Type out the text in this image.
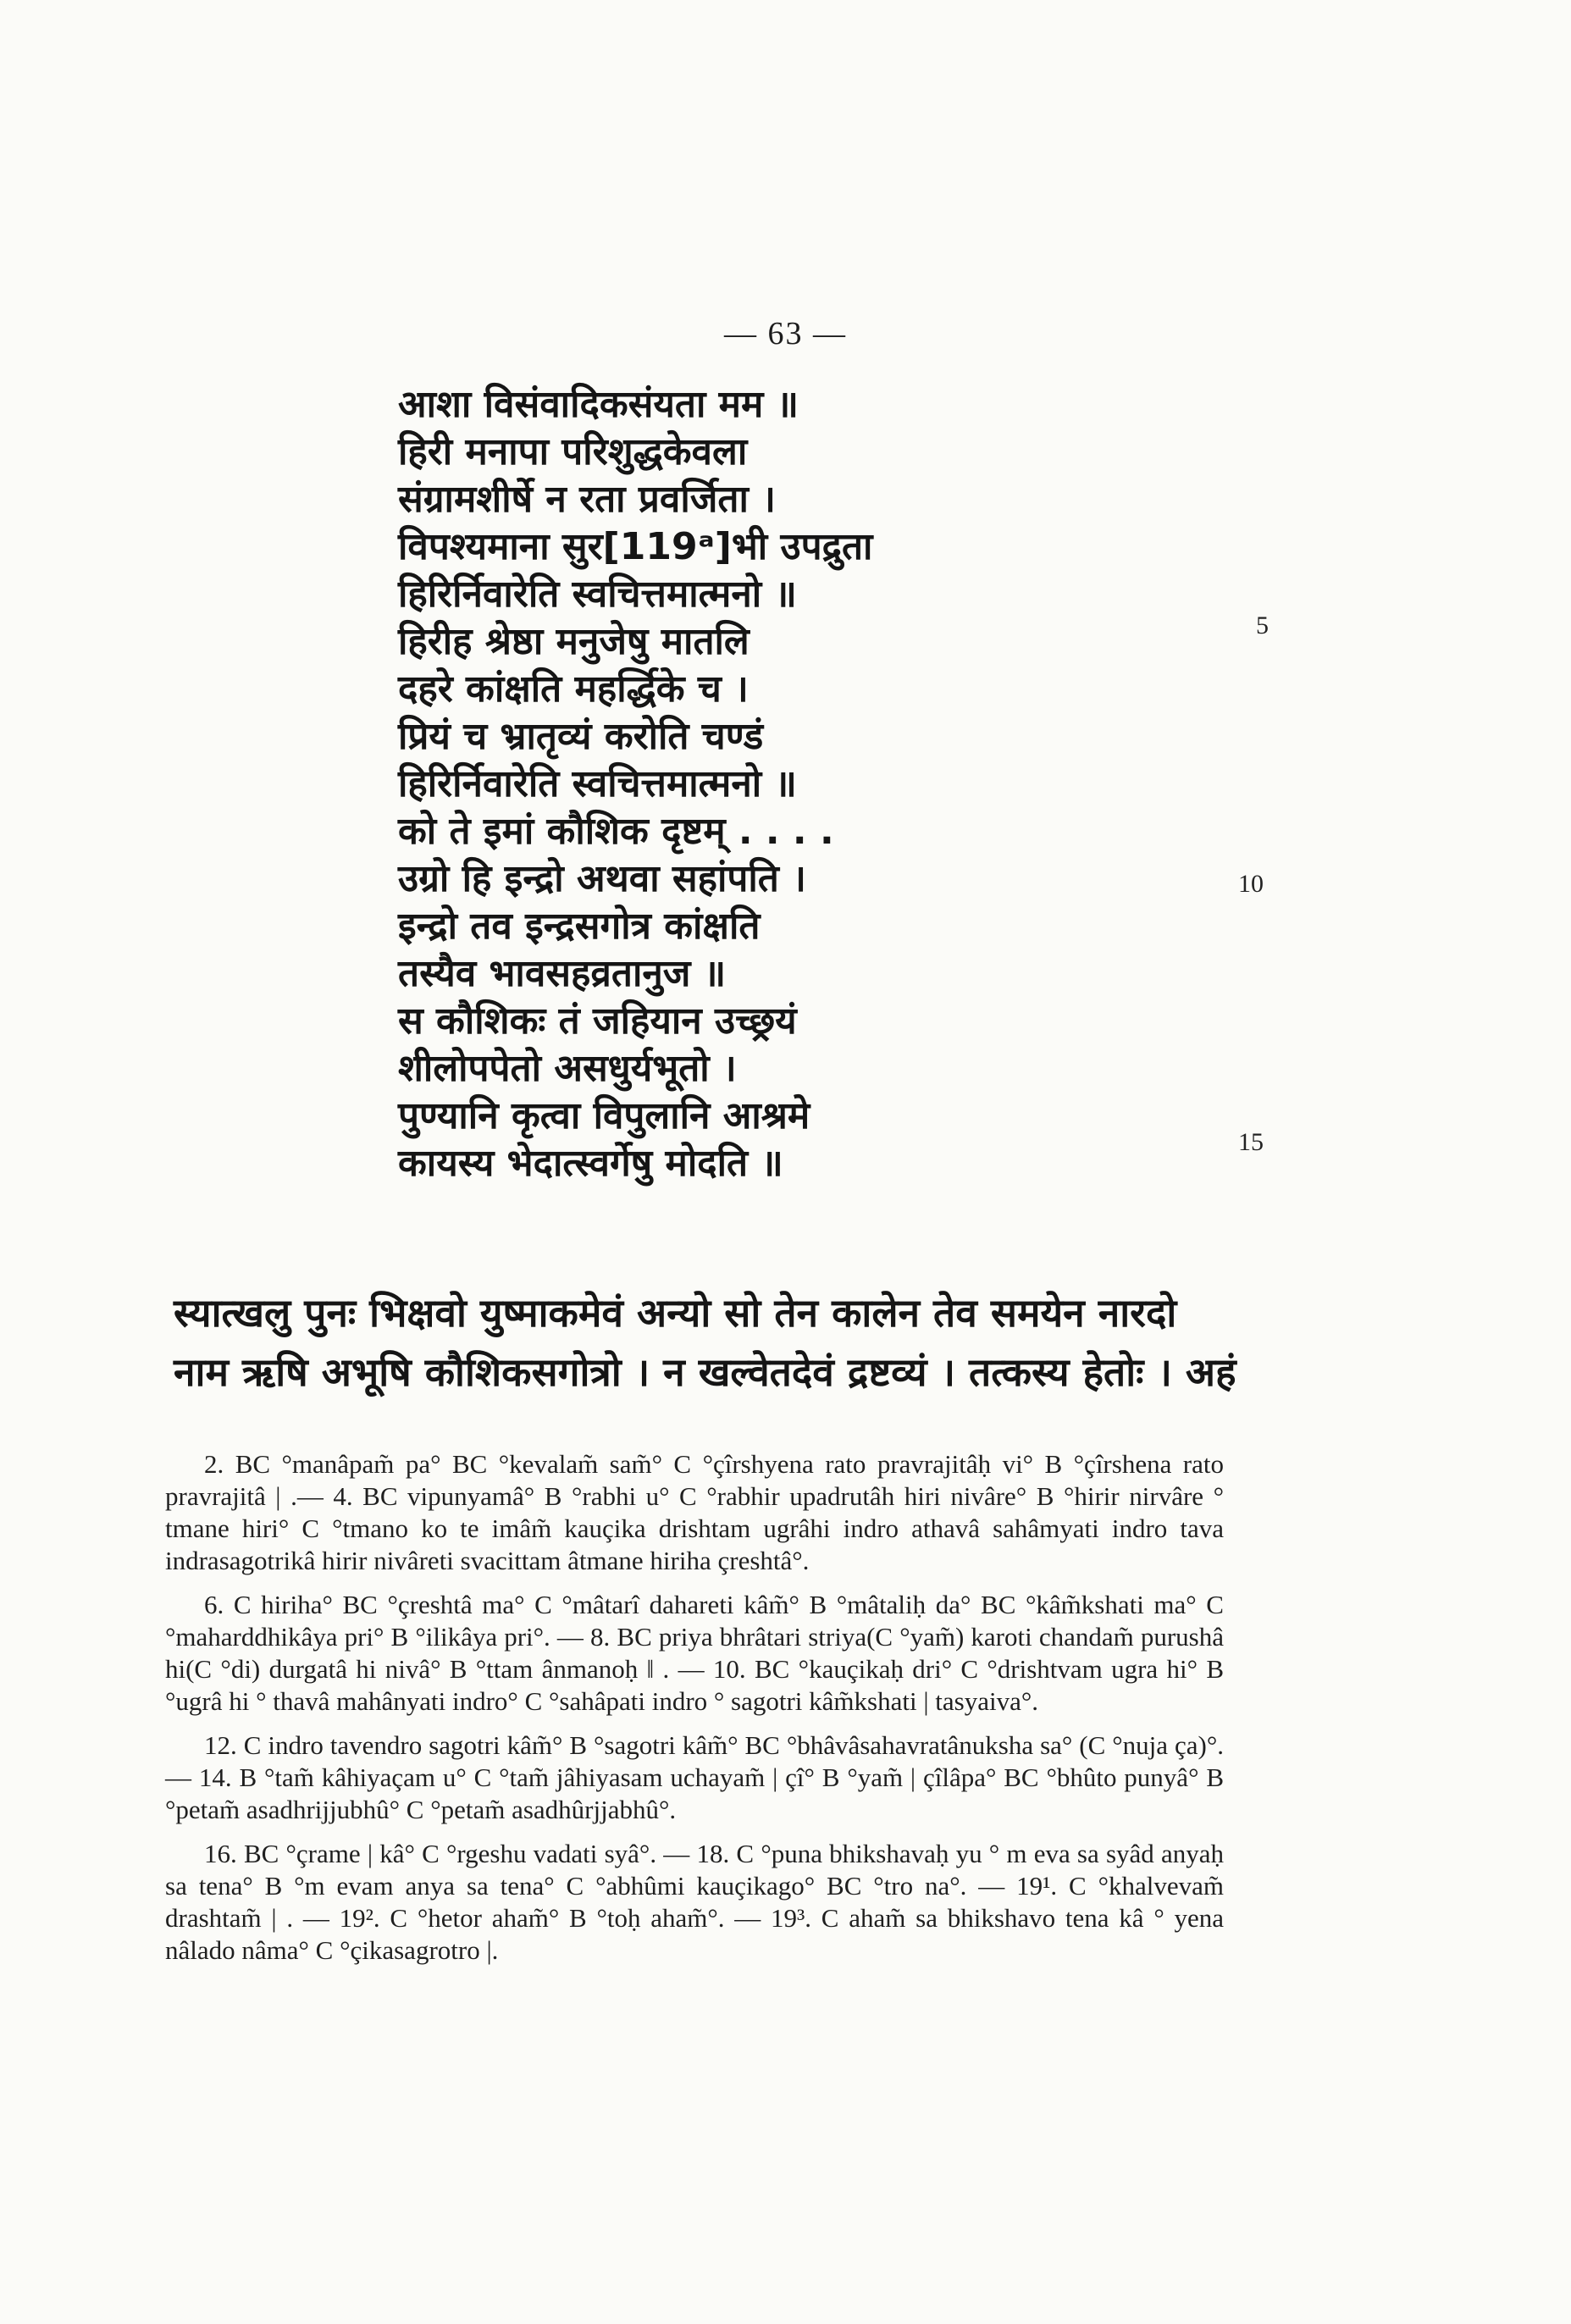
— 63 —
आशा विसंवादिकसंयता मम ॥
हिरी मनापा परिशुद्धकेवला
संग्रामशीर्षे न रता प्रवर्जिता ।
विपश्यमाना सुर[119ᵃ]भी उपद्रुता
हिरिर्निवारेति स्वचित्तमात्मनो ॥
हिरीह श्रेष्ठा मनुजेषु मातलि
दहरे कांक्षति महर्द्धिके च ।
प्रियं च भ्रातृव्यं करोति चण्डं
हिरिर्निवारेति स्वचित्तमात्मनो ॥
को ते इमां कौशिक दृष्टम् . . . .
उग्रो हि इन्द्रो अथवा सहांपति ।
इन्द्रो तव इन्द्रसगोत्र कांक्षति
तस्यैव भावसहव्रतानुज ॥
स कौशिकः तं जहियान उच्छ्रयं
शीलोपपेतो असधुर्यभूतो ।
पुण्यानि कृत्वा विपुलानि आश्रमे
कायस्य भेदात्स्वर्गेषु मोदति ॥
5
10
15
स्यात्खलु पुनः भिक्षवो युष्माकमेवं अन्यो सो तेन कालेन तेव समयेन नारदो
नाम ऋषि अभूषि कौशिकसगोत्रो । न खल्वेतदेवं द्रष्टव्यं । तत्कस्य हेतोः । अहं

2. BC °manâpam̃ pa° BC °kevalam̃ sam̃° C °çîrshyena rato pravrajitâḥ vi° B °çîrshena rato pravrajitâ | .— 4. BC vipunyamâ° B °rabhi u° C °rabhir upadrutâh hiri nivâre° B °hirir nirvâre ° tmane hiri° C °tmano ko te imâm̃ kauçika drishtam ugrâhi indro athavâ sahâmyati indro tava indrasagotrikâ hirir nivâreti svacittam âtmane hiriha çreshtâ°.

6. C hiriha° BC °çreshtâ ma° C °mâtarî dahareti kâm̃° B °mâtaliḥ da° BC °kâm̃kshati ma° C °maharddhikâya pri° B °ilikâya pri°. — 8. BC priya bhrâtari striya(C °yam̃) karoti chandam̃ purushâ hi(C °di) durgatâ hi nivâ° B °ttam ânmanoḥ ‖ . — 10. BC °kauçikaḥ dri° C °drishtvam ugra hi° B °ugrâ hi ° thavâ mahânyati indro° C °sahâpati indro ° sagotri kâm̃kshati | tasyaiva°.

12. C indro tavendro sagotri kâm̃° B °sagotri kâm̃° BC °bhâvâsahavratânuksha sa° (C °nuja ça)°. — 14. B °tam̃ kâhiyaçam u° C °tam̃ jâhiyasam uchayam̃ | çî° B °yam̃ | çîlâpa° BC °bhûto punyâ° B °petam̃ asadhrijjubhû° C °petam̃ asadhûrjjabhû°.

16. BC °çrame | kâ° C °rgeshu vadati syâ°. — 18. C °puna bhikshavaḥ yu ° m eva sa syâd anyaḥ sa tena° B °m evam anya sa tena° C °abhûmi kauçikago° BC °tro na°. — 19¹. C °khalvevam̃ drashtam̃ | . — 19². C °hetor aham̃° B °toḥ aham̃°. — 19³. C aham̃ sa bhikshavo tena kâ ° yena nâlado nâma° C °çikasagrotro |.
